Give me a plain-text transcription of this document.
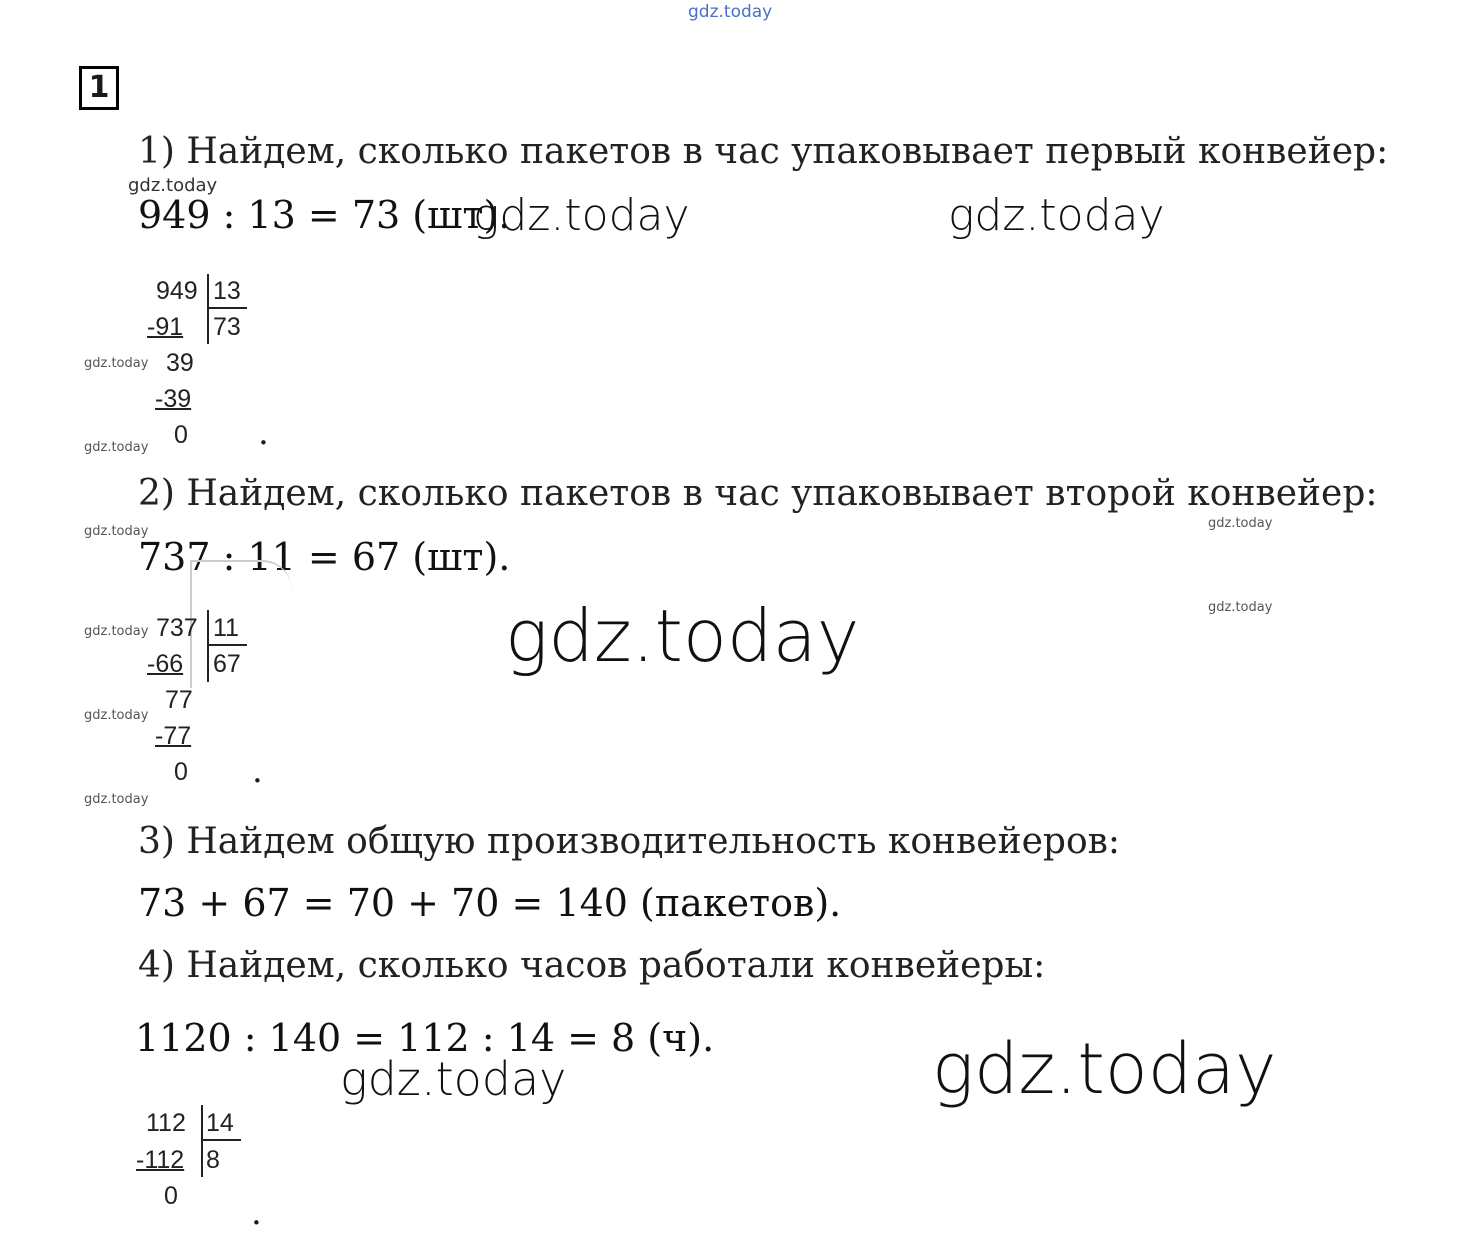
gdz.today
1
1) Найдем, сколько пакетов в час упаковывает первый конвейер:
gdz.today
949 : 13 = 73 (шт).
gdz.today	gdz.today
949 13
73
-91
39
-39
0 .
gdz.today
gdz.today
2) Найдем, сколько пакетов в час упаковывает второй конвейер:
gdz.today
gdz.today
737 : 11 = 67 (шт).
gdz.today
gdz.today
737 11
67
-66
77
-77
0 .
gdz.today
gdz.today
gdz.today
3) Найдем общую производительность конвейеров:
73 + 67 = 70 + 70 = 140 (пакетов).
4) Найдем, сколько часов работали конвейеры:
1120 : 140 = 112 : 14 = 8 (ч).
gdz.today	gdz.today
112 14
8
-112
0 .
